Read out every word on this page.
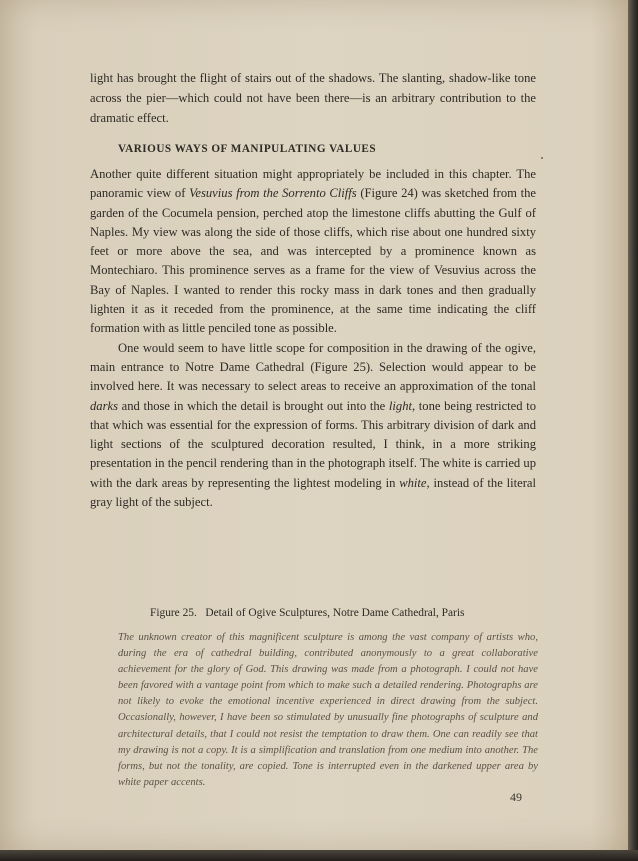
light has brought the flight of stairs out of the shadows. The slanting, shadow-like tone across the pier—which could not have been there—is an arbitrary contribution to the dramatic effect.

VARIOUS WAYS OF MANIPULATING VALUES

Another quite different situation might appropriately be included in this chapter. The panoramic view of Vesuvius from the Sorrento Cliffs (Figure 24) was sketched from the garden of the Cocumela pension, perched atop the limestone cliffs abutting the Gulf of Naples. My view was along the side of those cliffs, which rise about one hundred sixty feet or more above the sea, and was intercepted by a prominence known as Montechiaro. This prominence serves as a frame for the view of Vesuvius across the Bay of Naples. I wanted to render this rocky mass in dark tones and then gradually lighten it as it receded from the prominence, at the same time indicating the cliff formation with as little penciled tone as possible.

One would seem to have little scope for composition in the drawing of the ogive, main entrance to Notre Dame Cathedral (Figure 25). Selection would appear to be involved here. It was necessary to select areas to receive an approximation of the tonal darks and those in which the detail is brought out into the light, tone being restricted to that which was essential for the expression of forms. This arbitrary division of dark and light sections of the sculptured decoration resulted, I think, in a more striking presentation in the pencil rendering than in the photograph itself. The white is carried up with the dark areas by representing the lightest modeling in white, instead of the literal gray light of the subject.

Figure 25.   Detail of Ogive Sculptures, Notre Dame Cathedral, Paris

The unknown creator of this magnificent sculpture is among the vast company of artists who, during the era of cathedral building, contributed anonymously to a great collaborative achievement for the glory of God. This drawing was made from a photograph. I could not have been favored with a vantage point from which to make such a detailed rendering. Photographs are not likely to evoke the emotional incentive experienced in direct drawing from the subject. Occasionally, however, I have been so stimulated by unusually fine photographs of sculpture and architectural details, that I could not resist the temptation to draw them. One can readily see that my drawing is not a copy. It is a simplification and translation from one medium into another. The forms, but not the tonality, are copied. Tone is interrupted even in the darkened upper area by white paper accents.

49
